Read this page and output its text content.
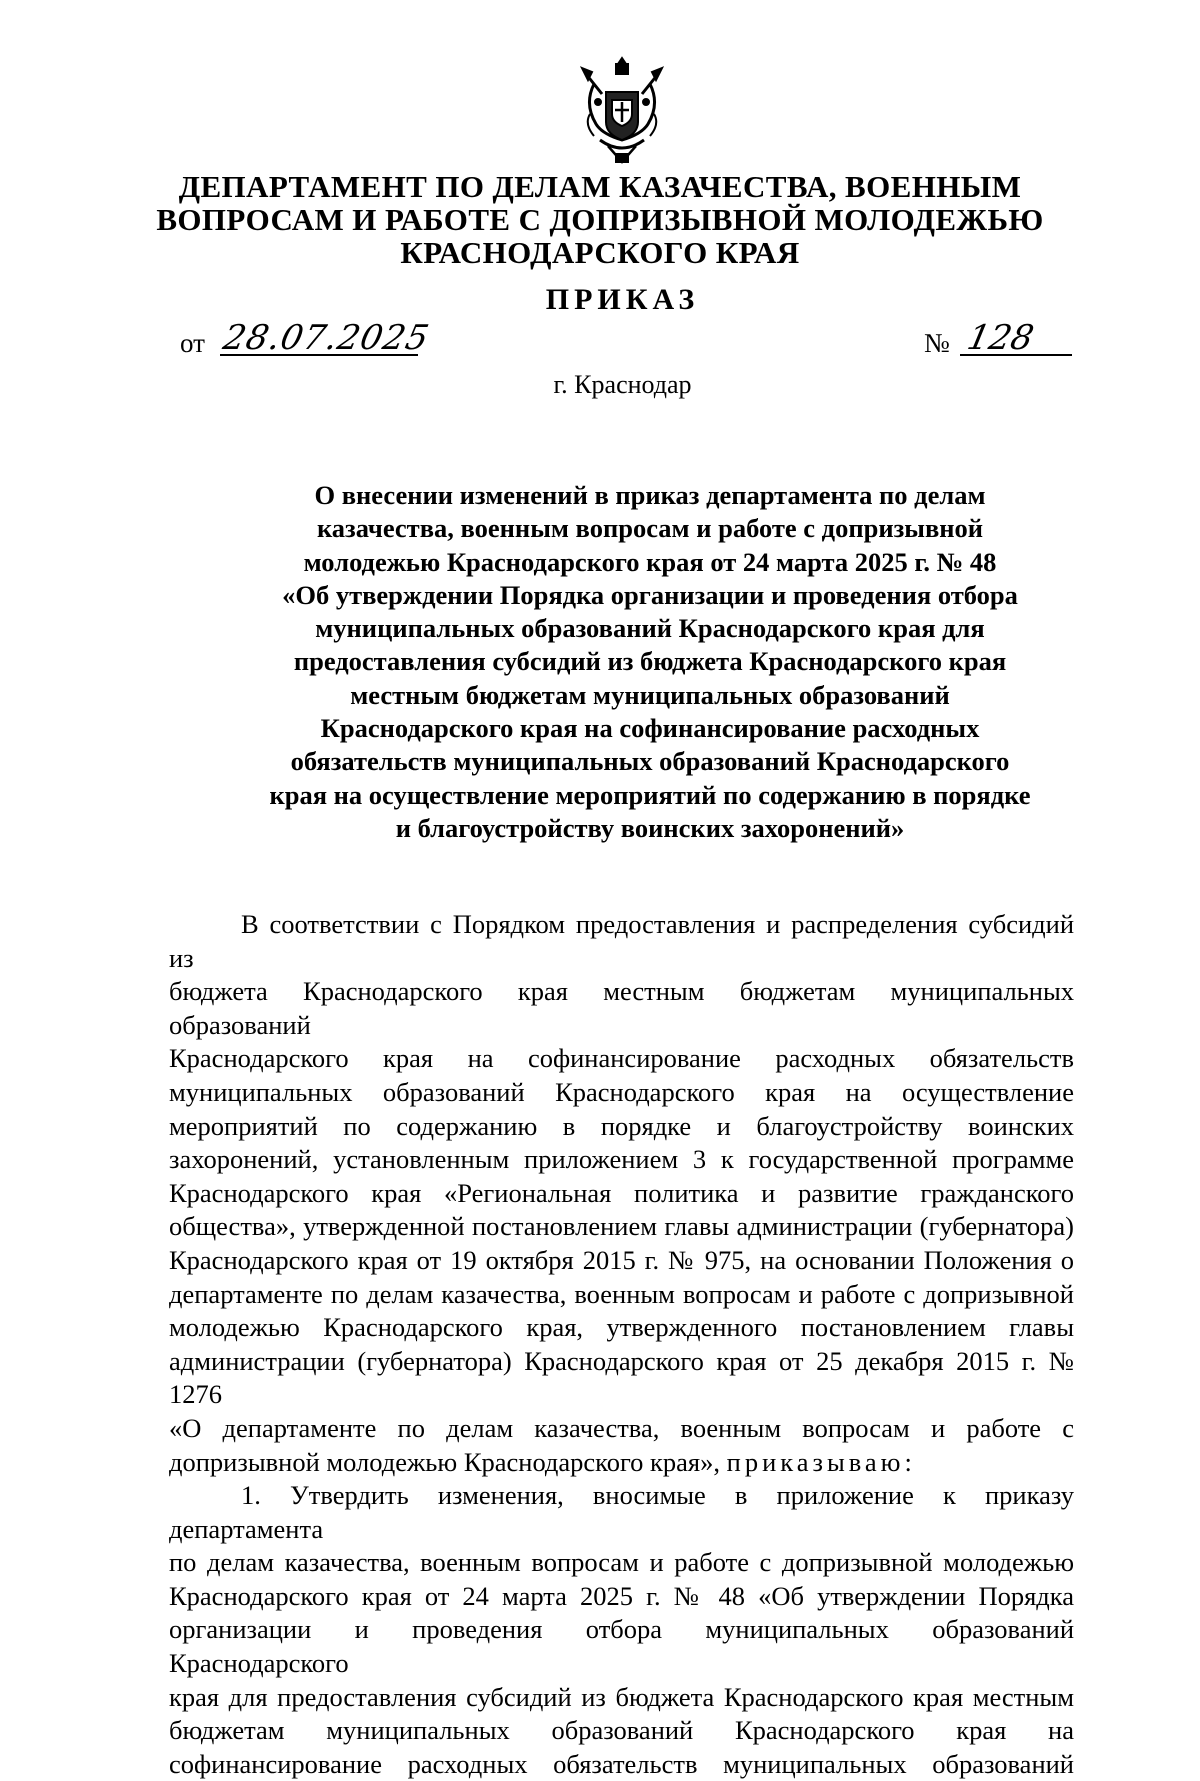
ДЕПАРТАМЕНТ ПО ДЕЛАМ КАЗАЧЕСТВА, ВОЕННЫМ
ВОПРОСАМ И РАБОТЕ С ДОПРИЗЫВНОЙ МОЛОДЕЖЬЮ
КРАСНОДАРСКОГО КРАЯ
ПРИКАЗ
от 28.07.2025	№ 128
г. Краснодар
О внесении изменений в приказ департамента по делам
казачества, военным вопросам и работе с допризывной
молодежью Краснодарского края от 24 марта 2025 г. № 48
«Об утверждении Порядка организации и проведения отбора
муниципальных образований Краснодарского края для
предоставления субсидий из бюджета Краснодарского края
местным бюджетам муниципальных образований
Краснодарского края на софинансирование расходных
обязательств муниципальных образований Краснодарского
края на осуществление мероприятий по содержанию в порядке
и благоустройству воинских захоронений»

В соответствии с Порядком предоставления и распределения субсидий из

бюджета Краснодарского края местным бюджетам муниципальных образований

Краснодарского края на софинансирование расходных обязательств

муниципальных образований Краснодарского края на осуществление

мероприятий по содержанию в порядке и благоустройству воинских

захоронений, установленным приложением 3 к государственной программе

Краснодарского края «Региональная политика и развитие гражданского

общества», утвержденной постановлением главы администрации (губернатора)

Краснодарского края от 19 октября 2015 г. № 975, на основании Положения о

департаменте по делам казачества, военным вопросам и работе с допризывной

молодежью Краснодарского края, утвержденного постановлением главы

администрации (губернатора) Краснодарского края от 25 декабря 2015 г. № 1276

«О департаменте по делам казачества, военным вопросам и работе с

допризывной молодежью Краснодарского края», приказываю:

1. Утвердить изменения, вносимые в приложение к приказу департамента

по делам казачества, военным вопросам и работе с допризывной молодежью

Краснодарского края от 24 марта 2025 г. № 48 «Об утверждении Порядка

организации и проведения отбора муниципальных образований Краснодарского

края для предоставления субсидий из бюджета Краснодарского края местным

бюджетам муниципальных образований Краснодарского края на

софинансирование расходных обязательств муниципальных образований
